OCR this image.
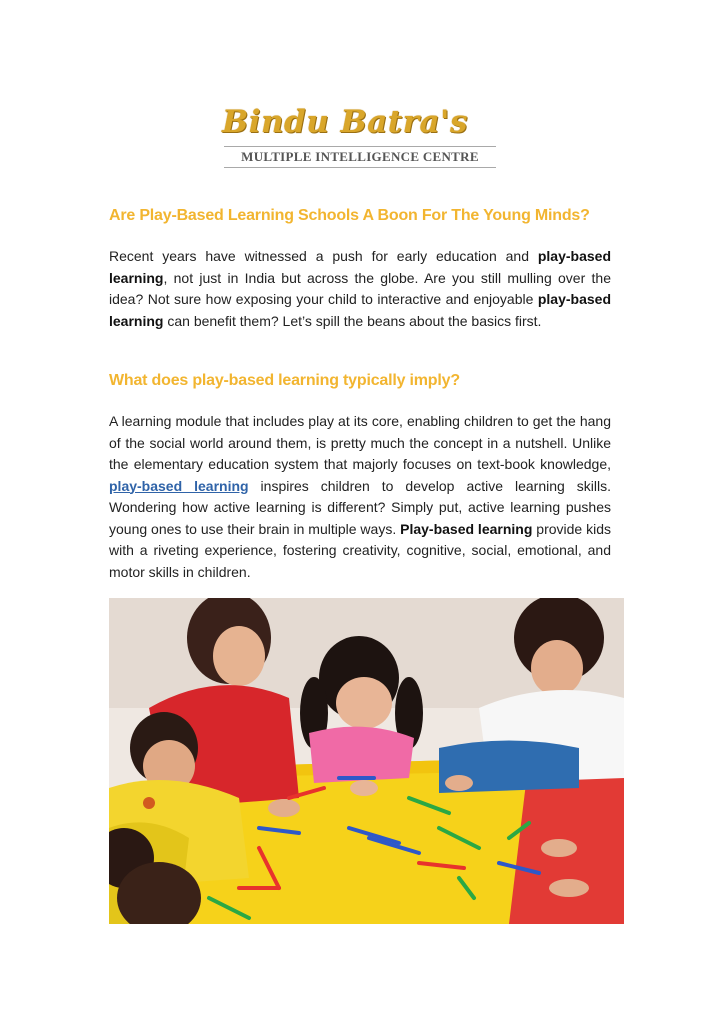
Bindu Batra's
MULTIPLE INTELLIGENCE CENTRE
Are Play-Based Learning Schools A Boon For The Young Minds?

Recent years have witnessed a push for early education and play-based learning, not just in India but across the globe. Are you still mulling over the idea? Not sure how exposing your child to interactive and enjoyable play-based learning can benefit them? Let’s spill the beans about the basics first.

What does play-based learning typically imply?

A learning module that includes play at its core, enabling children to get the hang of the social world around them, is pretty much the concept in a nutshell. Unlike the elementary education system that majorly focuses on text-book knowledge, play-based learning inspires children to develop active learning skills. Wondering how active learning is different? Simply put, active learning pushes young ones to use their brain in multiple ways. Play-based learning provide kids with a riveting experience, fostering creativity, cognitive, social, emotional, and motor skills in children.
